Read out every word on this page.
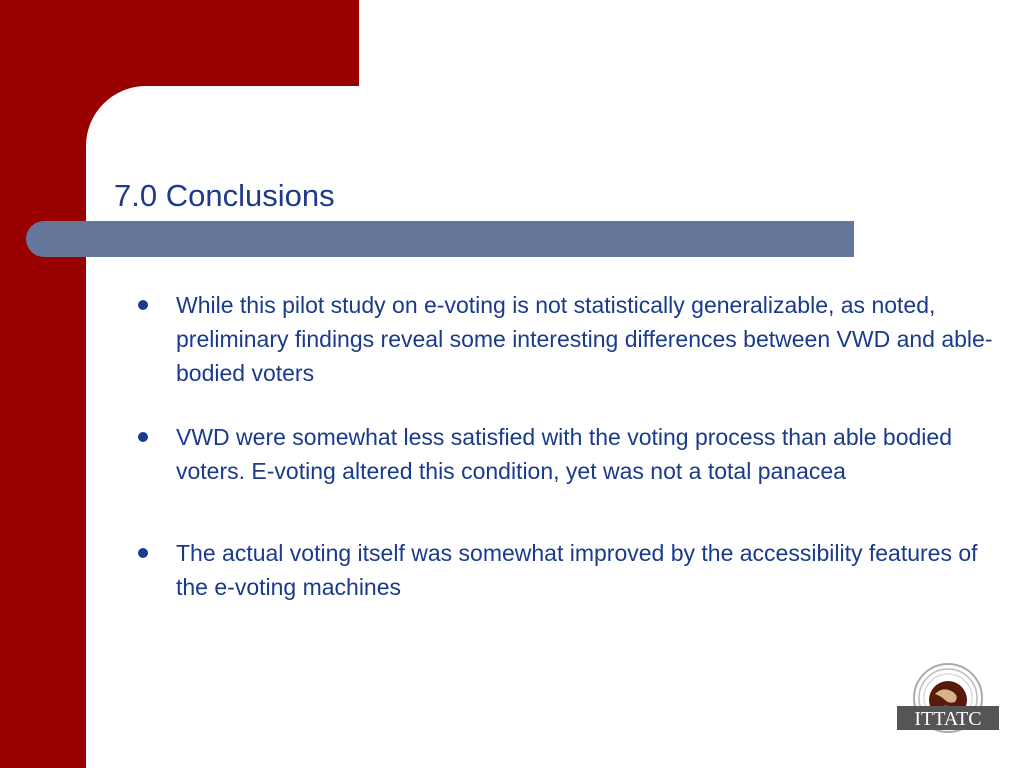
7.0 Conclusions
While this pilot study on e-voting is not statistically generalizable, as noted, preliminary findings reveal some interesting differences between VWD and able-bodied voters
VWD were somewhat less satisfied with the voting process than able bodied voters. E-voting altered this condition, yet was not a total panacea
The actual voting itself was somewhat improved by the accessibility features of the e-voting machines
ITTATC
